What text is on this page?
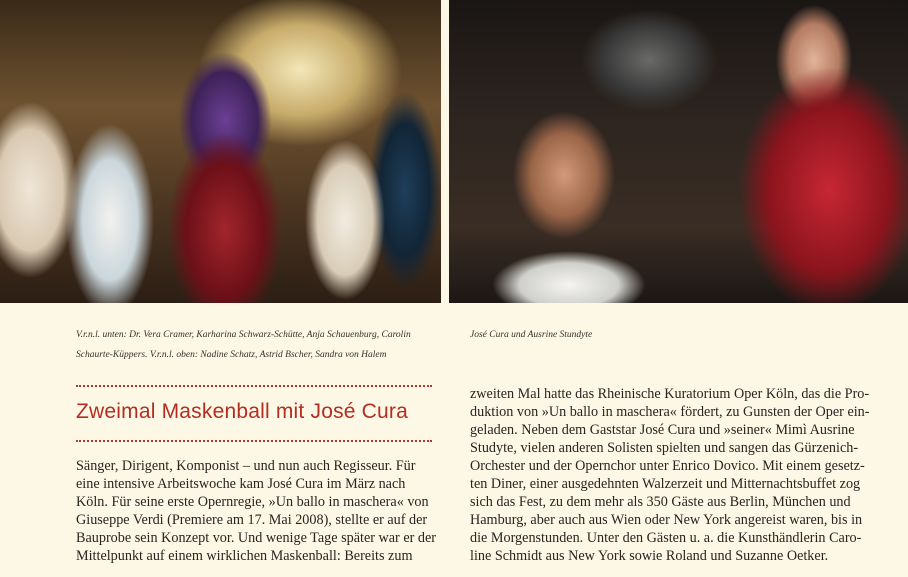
V.r.n.l. unten: Dr. Vera Cramer, Karharina Schwarz-Schütte, Anja Schauenburg, Carolin
Schaurte-Küppers. V.r.n.l. oben: Nadine Schatz, Astrid Bscher, Sandra von Halem

José Cura und Ausrine Stundyte

Zweimal Maskenball mit José Cura

Sänger, Dirigent, Komponist – und nun auch Regisseur. Für
eine intensive Arbeitswoche kam José Cura im März nach
Köln. Für seine erste Opernregie, »Un ballo in maschera« von
Giuseppe Verdi (Premiere am 17. Mai 2008), stellte er auf der
Bauprobe sein Konzept vor. Und wenige Tage später war er der
Mittelpunkt auf einem wirklichen Maskenball: Bereits zum

zweiten Mal hatte das Rheinische Kuratorium Oper Köln, das die Pro-
duktion von »Un ballo in maschera« fördert, zu Gunsten der Oper ein-
geladen. Neben dem Gaststar José Cura und »seiner« Mimì Ausrine
Studyte, vielen anderen Solisten spielten und sangen das Gürzenich-
Orchester und der Opernchor unter Enrico Dovico. Mit einem gesetz-
ten Diner, einer ausgedehnten Walzerzeit und Mitternachtsbuffet zog
sich das Fest, zu dem mehr als 350 Gäste aus Berlin, München und
Hamburg, aber auch aus Wien oder New York angereist waren, bis in
die Morgenstunden. Unter den Gästen u. a. die Kunsthändlerin Caro-
line Schmidt aus New York sowie Roland und Suzanne Oetker.
